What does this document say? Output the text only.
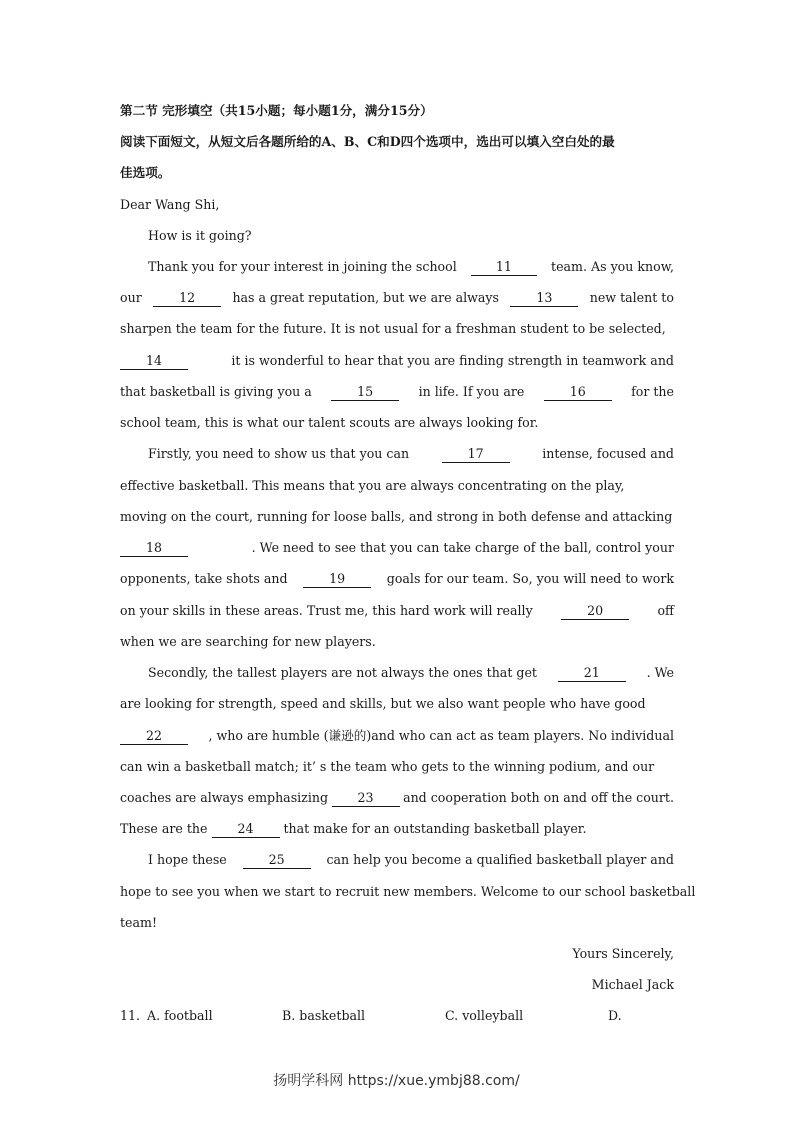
第二节 完形填空（共15小题；每小题1分，满分15分）
阅读下面短文，从短文后各题所给的A、B、C和D四个选项中，选出可以填入空白处的最
佳选项。
Dear Wang Shi,
How is it going?
Thank you for your interest in joining the school	11	team. As you know,
our	12	has a great reputation, but we are always	13	new talent to
sharpen the team for the future. It is not usual for a freshman student to be selected,
14	it is wonderful to hear that you are finding strength in teamwork and
that basketball is giving you a	15	in life. If you are	16	for the
school team, this is what our talent scouts are always looking for.
Firstly, you need to show us that you can	17	intense, focused and
effective basketball. This means that you are always concentrating on the play,
moving on the court, running for loose balls, and strong in both defense and attacking
18	. We need to see that you can take charge of the ball, control your
opponents, take shots and	19	goals for our team. So, you will need to work
on your skills in these areas. Trust me, this hard work will really	20	off
when we are searching for new players.
Secondly, the tallest players are not always the ones that get	21	. We
are looking for strength, speed and skills, but we also want people who have good
22	, who are humble (谦逊的)and who can act as team players. No individual
can win a basketball match; it’ s the team who gets to the winning podium, and our
coaches are always emphasizing	23	and cooperation both on and off the court.
These are the	24	that make for an outstanding basketball player.
I hope these	25	can help you become a qualified basketball player and
hope to see you when we start to recruit new members. Welcome to our school basketball
team!
Yours Sincerely,
Michael Jack
11. A. football	B. basketball	C. volleyball	D.
扬明学科网 https://xue.ymbj88.com/
